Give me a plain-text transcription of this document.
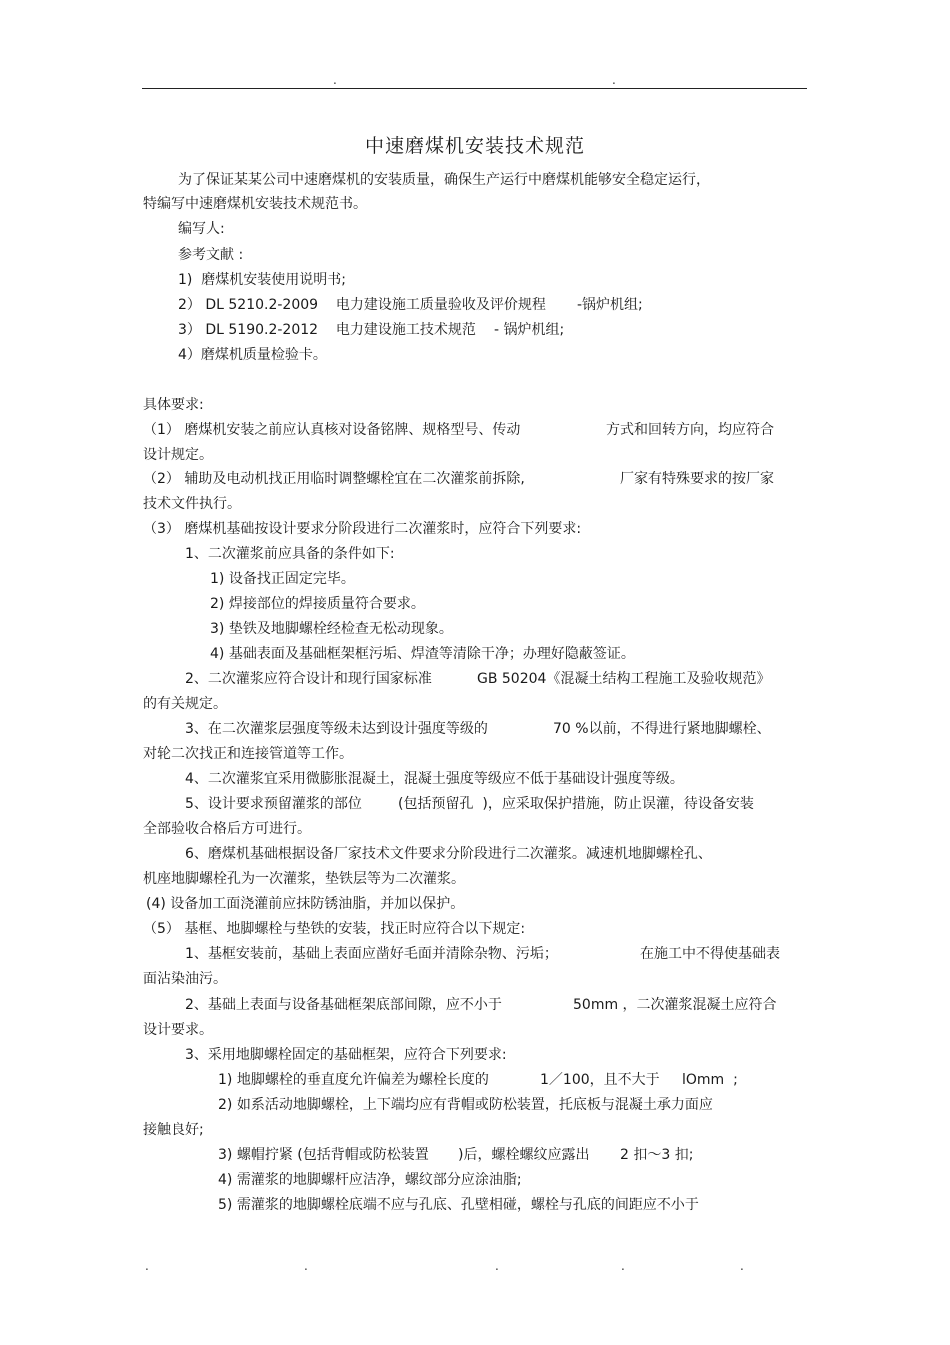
.	.
中速磨煤机安装技术规范
为了保证某某公司中速磨煤机的安装质量，确保生产运行中磨煤机能够安全稳定运行，
特编写中速磨煤机安装技术规范书。
编写人:
参考文献 :
1)  磨煤机安装使用说明书;
2） DL 5210.2-2009    电力建设施工质量验收及评价规程 -锅炉机组;
3） DL 5190.2-2012    电力建设施工技术规范 - 锅炉机组;
4）磨煤机质量检验卡。
具体要求:
（1） 磨煤机安装之前应认真核对设备铭牌、规格型号、传动	方式和回转方向，均应符合
设计规定。
（2） 辅助及电动机找正用临时调整螺栓宜在二次灌浆前拆除,	厂家有特殊要求的按厂家
技术文件执行。
（3） 磨煤机基础按设计要求分阶段进行二次灌浆时，应符合下列要求:
1、二次灌浆前应具备的条件如下:
1) 设备找正固定完毕。
2) 焊接部位的焊接质量符合要求。
3) 垫铁及地脚螺栓经检查无松动现象。
4) 基础表面及基础框架框污垢、焊渣等清除干净；办理好隐蔽签证。
2、二次灌浆应符合设计和现行国家标准	GB 50204《混凝土结构工程施工及验收规范》
的有关规定。
3、在二次灌浆层强度等级未达到设计强度等级的	70 %以前，不得进行紧地脚螺栓、
对轮二次找正和连接管道等工作。
4、二次灌浆宜采用微膨胀混凝土，混凝土强度等级应不低于基础设计强度等级。
5、设计要求预留灌浆的部位	(包括预留孔  )，应采取保护措施，防止误灌，待设备安装
全部验收合格后方可进行。
6、磨煤机基础根据设备厂家技术文件要求分阶段进行二次灌浆。减速机地脚螺栓孔、
机座地脚螺栓孔为一次灌浆，垫铁层等为二次灌浆。
(4) 设备加工面浇灌前应抹防锈油脂，并加以保护。
（5） 基框、地脚螺栓与垫铁的安装，找正时应符合以下规定:
1、基框安装前，基础上表面应凿好毛面并清除杂物、污垢；	在施工中不得使基础表
面沾染油污。
2、基础上表面与设备基础框架底部间隙，应不小于	50mm ，二次灌浆混凝土应符合
设计要求。
3、采用地脚螺栓固定的基础框架，应符合下列要求:
1) 地脚螺栓的垂直度允许偏差为螺栓长度的	1／100，且不大于 lOmm  ;
2) 如系活动地脚螺栓，上下端均应有背帽或防松装置，托底板与混凝土承力面应
接触良好;
3) 螺帽拧紧 (包括背帽或防松装置 )后，螺栓螺纹应露出 2 扣～3 扣;
4) 需灌浆的地脚螺杆应洁净，螺纹部分应涂油脂;
5) 需灌浆的地脚螺栓底端不应与孔底、孔壁相碰，螺栓与孔底的间距应不小于
.	.	.	.	.
